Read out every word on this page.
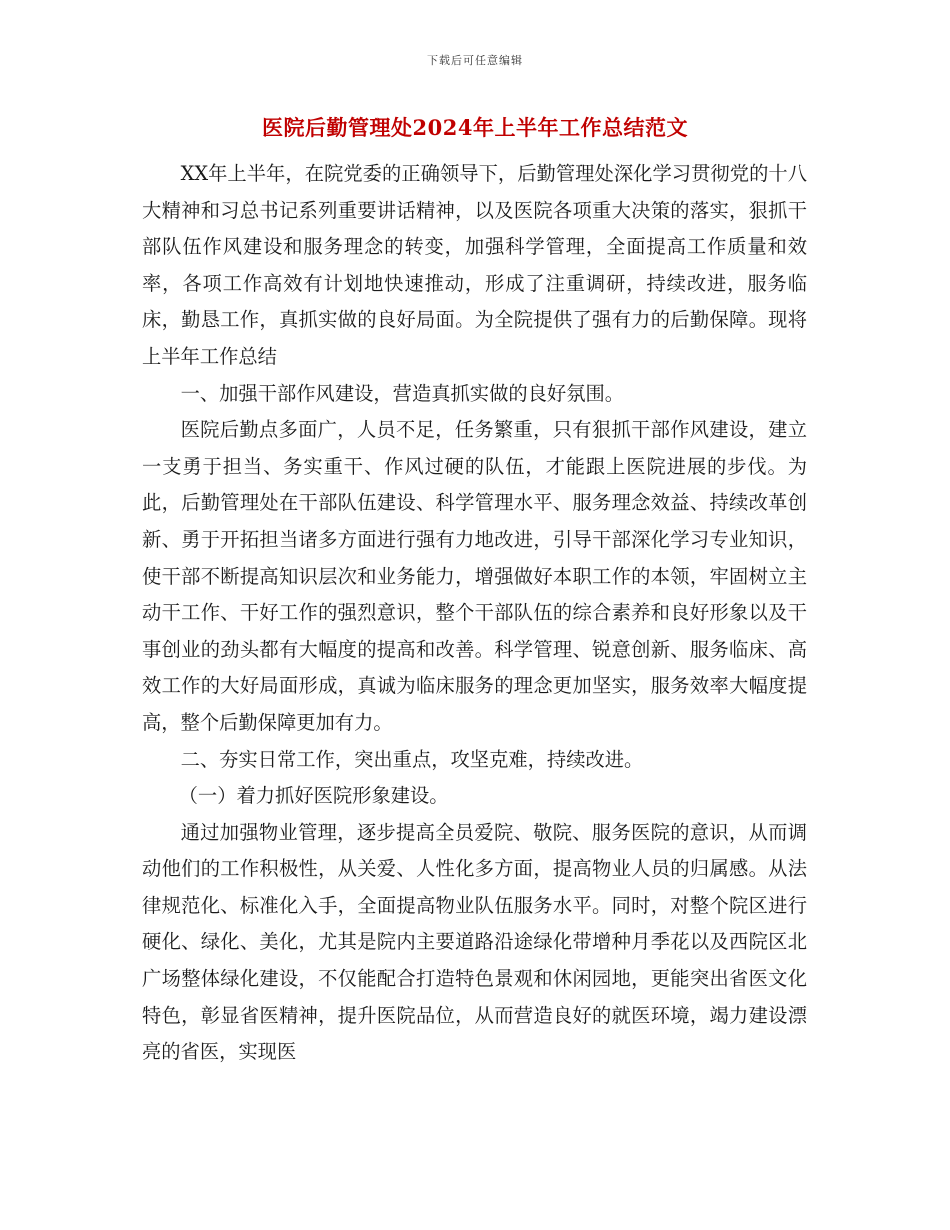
下载后可任意编辑
医院后勤管理处2024年上半年工作总结范文

XX年上半年，在院党委的正确领导下，后勤管理处深化学习贯彻党的十八大精神和习总书记系列重要讲话精神，以及医院各项重大决策的落实，狠抓干部队伍作风建设和服务理念的转变，加强科学管理，全面提高工作质量和效率，各项工作高效有计划地快速推动，形成了注重调研，持续改进，服务临床，勤恳工作，真抓实做的良好局面。为全院提供了强有力的后勤保障。现将上半年工作总结

一、加强干部作风建设，营造真抓实做的良好氛围。

医院后勤点多面广，人员不足，任务繁重，只有狠抓干部作风建设，建立一支勇于担当、务实重干、作风过硬的队伍，才能跟上医院进展的步伐。为此，后勤管理处在干部队伍建设、科学管理水平、服务理念效益、持续改革创新、勇于开拓担当诸多方面进行强有力地改进，引导干部深化学习专业知识，使干部不断提高知识层次和业务能力，增强做好本职工作的本领，牢固树立主动干工作、干好工作的强烈意识，整个干部队伍的综合素养和良好形象以及干事创业的劲头都有大幅度的提高和改善。科学管理、锐意创新、服务临床、高效工作的大好局面形成，真诚为临床服务的理念更加坚实，服务效率大幅度提高，整个后勤保障更加有力。

二、夯实日常工作，突出重点，攻坚克难，持续改进。

（一）着力抓好医院形象建设。

通过加强物业管理，逐步提高全员爱院、敬院、服务医院的意识，从而调动他们的工作积极性，从关爱、人性化多方面，提高物业人员的归属感。从法律规范化、标准化入手，全面提高物业队伍服务水平。同时，对整个院区进行硬化、绿化、美化，尤其是院内主要道路沿途绿化带增种月季花以及西院区北广场整体绿化建设，不仅能配合打造特色景观和休闲园地，更能突出省医文化特色，彰显省医精神，提升医院品位，从而营造良好的就医环境，竭力建设漂亮的省医，实现医
